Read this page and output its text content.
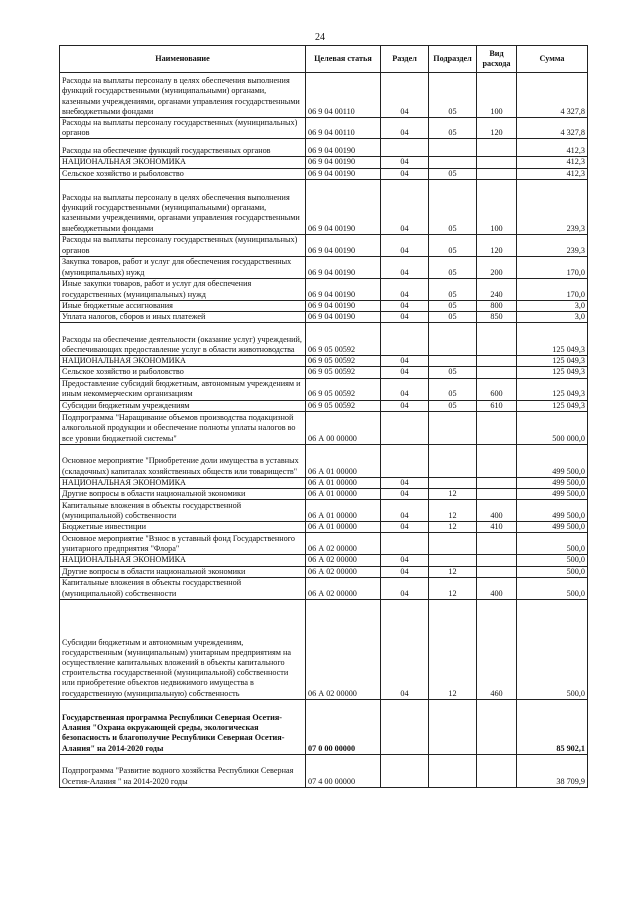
24
Наименование	Целевая статья	Раздел	Подраздел	Вид расхода	Сумма
Расходы на выплаты персоналу в целях обеспечения выполнения функций государственными (муниципальными) органами, казенными учреждениями, органами управления государственными внебюджетными фондами	06 9 04 00110	04	05	100	4 327,8
Расходы на выплаты персоналу государственных (муниципальных) органов	06 9 04 00110	04	05	120	4 327,8
Расходы на обеспечение функций государственных органов	06 9 04 00190				412,3
НАЦИОНАЛЬНАЯ ЭКОНОМИКА	06 9 04 00190	04			412,3
Сельское хозяйство и рыболовство	06 9 04 00190	04	05		412,3
Расходы на выплаты персоналу в целях обеспечения выполнения функций государственными (муниципальными) органами, казенными учреждениями, органами управления государственными внебюджетными фондами	06 9 04 00190	04	05	100	239,3
Расходы на выплаты персоналу государственных (муниципальных) органов	06 9 04 00190	04	05	120	239,3
Закупка товаров, работ и услуг для обеспечения государственных (муниципальных) нужд	06 9 04 00190	04	05	200	170,0
Иные закупки товаров, работ и услуг для обеспечения государственных (муниципальных) нужд	06 9 04 00190	04	05	240	170,0
Иные бюджетные ассигнования	06 9 04 00190	04	05	800	3,0
Уплата налогов, сборов и иных платежей	06 9 04 00190	04	05	850	3,0
Расходы на обеспечение деятельности (оказание услуг) учреждений, обеспечивающих предоставление услуг в области животноводства	06 9 05 00592				125 049,3
НАЦИОНАЛЬНАЯ ЭКОНОМИКА	06 9 05 00592	04			125 049,3
Сельское хозяйство и рыболовство	06 9 05 00592	04	05		125 049,3
Предоставление субсидий бюджетным, автономным учреждениям и иным некоммерческим организациям	06 9 05 00592	04	05	600	125 049,3
Субсидии бюджетным учреждениям	06 9 05 00592	04	05	610	125 049,3
Подпрограмма "Наращивание объемов производства подакцизной алкогольной продукции и обеспечение полноты уплаты налогов во все уровни бюджетной системы"	06 А 00 00000				500 000,0
Основное мероприятие "Приобретение доли имущества в уставных (складочных) капиталах хозяйственных обществ или товариществ"	06 А 01 00000				499 500,0
НАЦИОНАЛЬНАЯ ЭКОНОМИКА	06 А 01 00000	04			499 500,0
Другие вопросы в области национальной экономики	06 А 01 00000	04	12		499 500,0
Капитальные вложения в объекты государственной (муниципальной) собственности	06 А 01 00000	04	12	400	499 500,0
Бюджетные инвестиции	06 А 01 00000	04	12	410	499 500,0
Основное мероприятие "Взнос в уставный фонд Государственного унитарного предприятия "Флора"	06 А 02 00000				500,0
НАЦИОНАЛЬНАЯ ЭКОНОМИКА	06 А 02 00000	04			500,0
Другие вопросы в области национальной экономики	06 А 02 00000	04	12		500,0
Капитальные вложения в объекты государственной (муниципальной) собственности	06 А 02 00000	04	12	400	500,0
Субсидии бюджетным и автономным учреждениям, государственным (муниципальным) унитарным предприятиям на осуществление капитальных вложений в объекты капитального строительства государственной (муниципальной) собственности или приобретение объектов недвижимого имущества в государственную (муниципальную) собственность	06 А 02 00000	04	12	460	500,0
Государственная программа Республики Северная Осетия-Алания "Охрана окружающей среды, экологическая безопасность и благополучие Республики Северная Осетия-Алания" на 2014-2020 годы	07 0 00 00000				85 902,1
Подпрограмма "Развитие водного хозяйства Республики Северная Осетия-Алания " на 2014-2020 годы	07 4 00 00000				38 709,9
